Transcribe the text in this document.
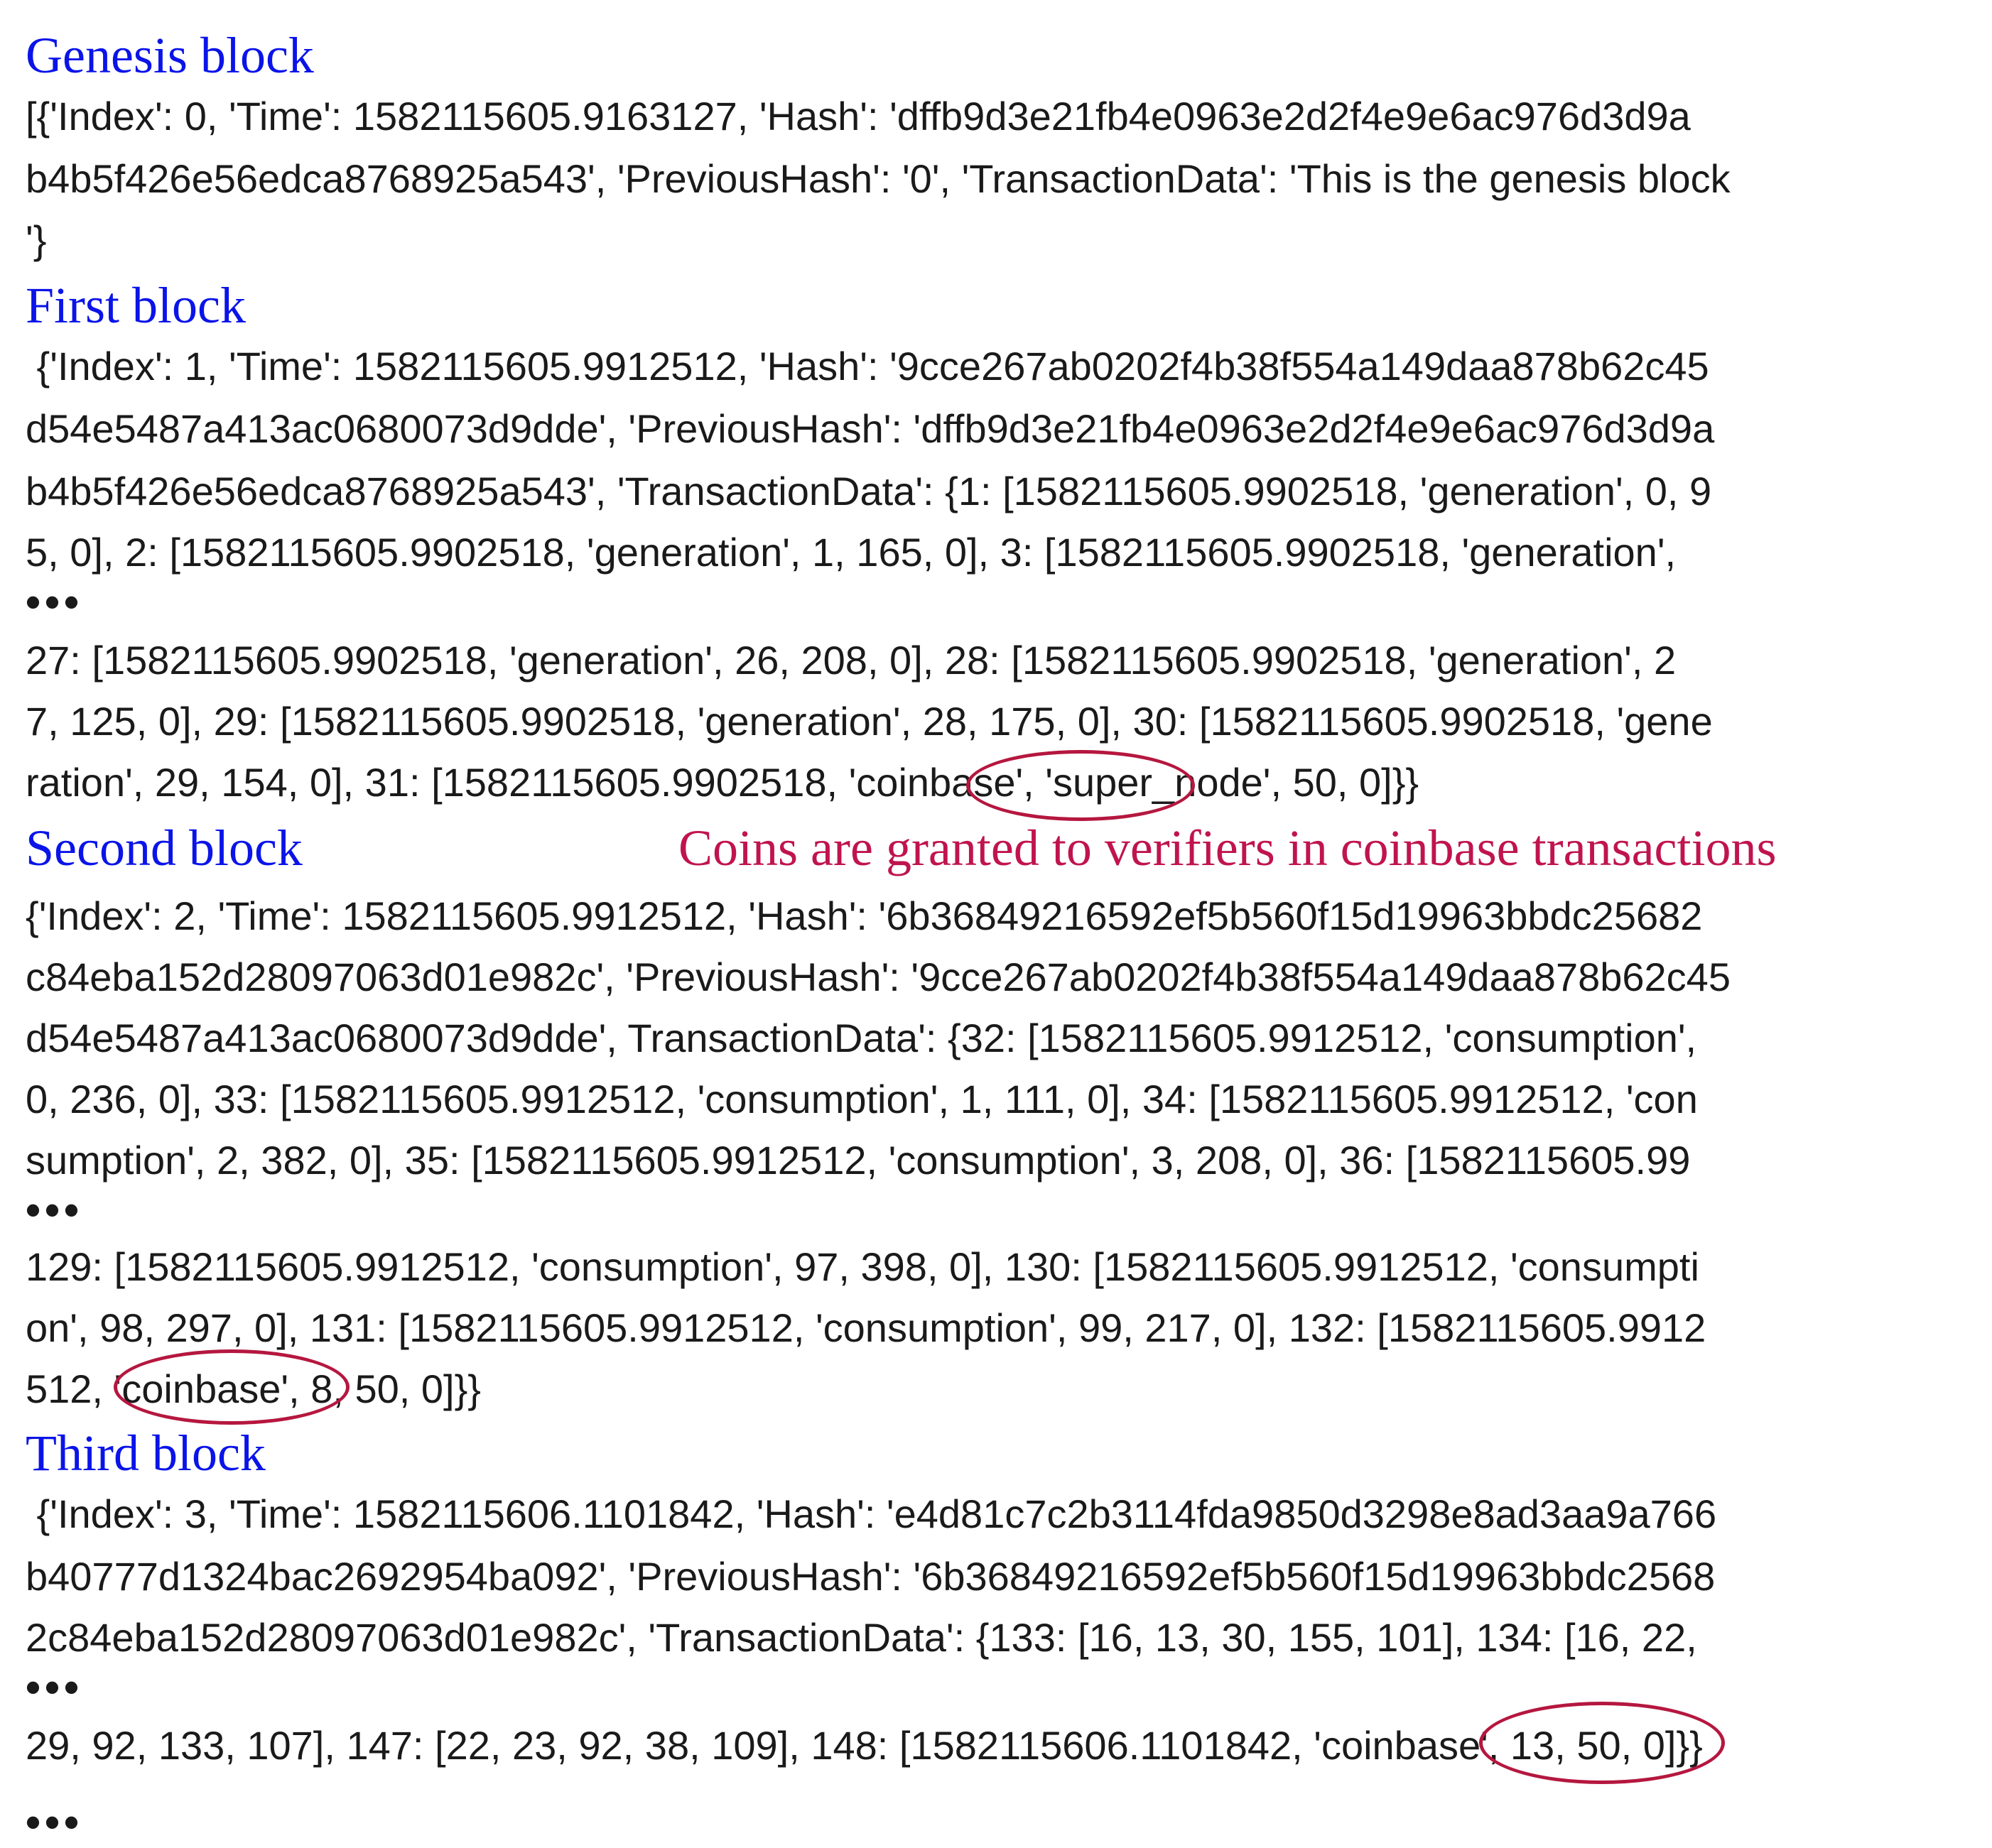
Genesis block
[{'Index': 0, 'Time': 1582115605.9163127, 'Hash': 'dffb9d3e21fb4e0963e2d2f4e9e6ac976d3d9a
b4b5f426e56edca8768925a543', 'PreviousHash': '0', 'TransactionData': 'This is the genesis block
'}
First block
{'Index': 1, 'Time': 1582115605.9912512, 'Hash': '9cce267ab0202f4b38f554a149daa878b62c45
d54e5487a413ac0680073d9dde', 'PreviousHash': 'dffb9d3e21fb4e0963e2d2f4e9e6ac976d3d9a
b4b5f426e56edca8768925a543', 'TransactionData': {1: [1582115605.9902518, 'generation', 0, 9
5, 0], 2: [1582115605.9902518, 'generation', 1, 165, 0], 3: [1582115605.9902518, 'generation',
•••
27: [1582115605.9902518, 'generation', 26, 208, 0], 28: [1582115605.9902518, 'generation', 2
7, 125, 0], 29: [1582115605.9902518, 'generation', 28, 175, 0], 30: [1582115605.9902518, 'gene
ration', 29, 154, 0], 31: [1582115605.9902518, 'coinbase', 'super_node', 50, 0]}}
Second block	Coins are granted to verifiers in coinbase transactions
{'Index': 2, 'Time': 1582115605.9912512, 'Hash': '6b36849216592ef5b560f15d19963bbdc25682
c84eba152d28097063d01e982c', 'PreviousHash': '9cce267ab0202f4b38f554a149daa878b62c45
d54e5487a413ac0680073d9dde', TransactionData': {32: [1582115605.9912512, 'consumption',
0, 236, 0], 33: [1582115605.9912512, 'consumption', 1, 111, 0], 34: [1582115605.9912512, 'con
sumption', 2, 382, 0], 35: [1582115605.9912512, 'consumption', 3, 208, 0], 36: [1582115605.99
•••
129: [1582115605.9912512, 'consumption', 97, 398, 0], 130: [1582115605.9912512, 'consumpti
on', 98, 297, 0], 131: [1582115605.9912512, 'consumption', 99, 217, 0], 132: [1582115605.9912
512, 'coinbase', 8, 50, 0]}}
Third block
{'Index': 3, 'Time': 1582115606.1101842, 'Hash': 'e4d81c7c2b3114fda9850d3298e8ad3aa9a766
b40777d1324bac2692954ba092', 'PreviousHash': '6b36849216592ef5b560f15d19963bbdc2568
2c84eba152d28097063d01e982c', 'TransactionData': {133: [16, 13, 30, 155, 101], 134: [16, 22,
•••
29, 92, 133, 107], 147: [22, 23, 92, 38, 109], 148: [1582115606.1101842, 'coinbase', 13, 50, 0]}}
•••
